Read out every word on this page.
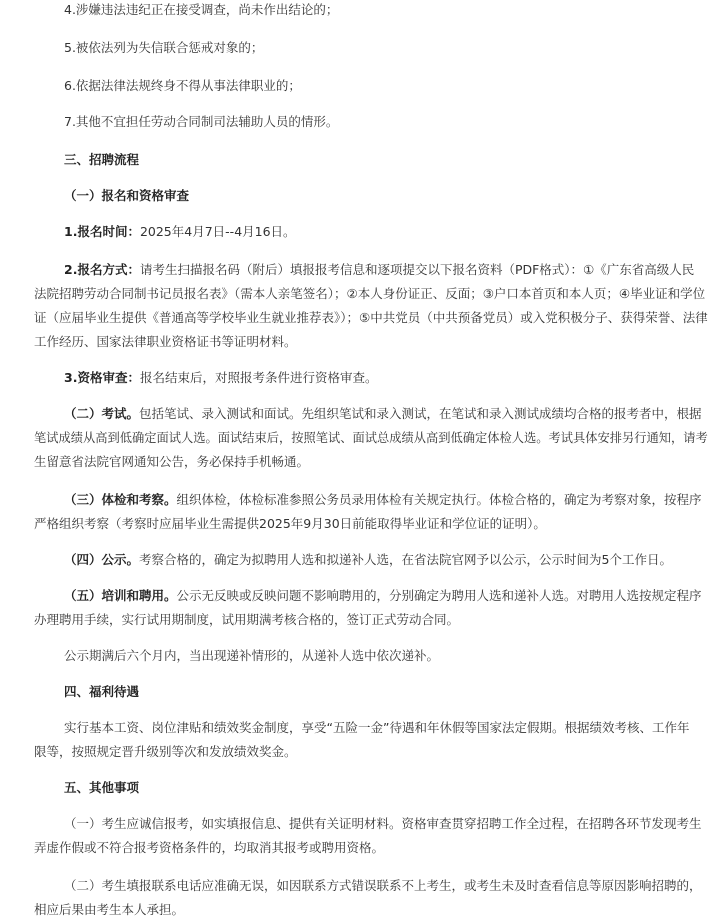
4.涉嫌违法违纪正在接受调查，尚未作出结论的；
5.被依法列为失信联合惩戒对象的；
6.依据法律法规终身不得从事法律职业的；
7.其他不宜担任劳动合同制司法辅助人员的情形。
三、招聘流程
（一）报名和资格审查
1.报名时间：2025年4月7日--4月16日。
2.报名方式：请考生扫描报名码（附后）填报报考信息和逐项提交以下报名资料（PDF格式）：①《广东省高级人民
法院招聘劳动合同制书记员报名表》（需本人亲笔签名）；②本人身份证正、反面；③户口本首页和本人页；④毕业证和学位
证（应届毕业生提供《普通高等学校毕业生就业推荐表》）；⑤中共党员（中共预备党员）或入党积极分子、获得荣誉、法律
工作经历、国家法律职业资格证书等证明材料。
3.资格审查：报名结束后，对照报考条件进行资格审查。
（二）考试。包括笔试、录入测试和面试。先组织笔试和录入测试，在笔试和录入测试成绩均合格的报考者中，根据
笔试成绩从高到低确定面试人选。面试结束后，按照笔试、面试总成绩从高到低确定体检人选。考试具体安排另行通知，请考
生留意省法院官网通知公告，务必保持手机畅通。
（三）体检和考察。组织体检，体检标准参照公务员录用体检有关规定执行。体检合格的，确定为考察对象，按程序
严格组织考察（考察时应届毕业生需提供2025年9月30日前能取得毕业证和学位证的证明）。
（四）公示。考察合格的，确定为拟聘用人选和拟递补人选，在省法院官网予以公示，公示时间为5个工作日。
（五）培训和聘用。公示无反映或反映问题不影响聘用的，分别确定为聘用人选和递补人选。对聘用人选按规定程序
办理聘用手续，实行试用期制度，试用期满考核合格的，签订正式劳动合同。
公示期满后六个月内，当出现递补情形的，从递补人选中依次递补。
四、福利待遇
实行基本工资、岗位津贴和绩效奖金制度，享受“五险一金”待遇和年休假等国家法定假期。根据绩效考核、工作年
限等，按照规定晋升级别等次和发放绩效奖金。
五、其他事项
（一）考生应诚信报考，如实填报信息、提供有关证明材料。资格审查贯穿招聘工作全过程，在招聘各环节发现考生
弄虚作假或不符合报考资格条件的，均取消其报考或聘用资格。
（二）考生填报联系电话应准确无误，如因联系方式错误联系不上考生，或考生未及时查看信息等原因影响招聘的，
相应后果由考生本人承担。
